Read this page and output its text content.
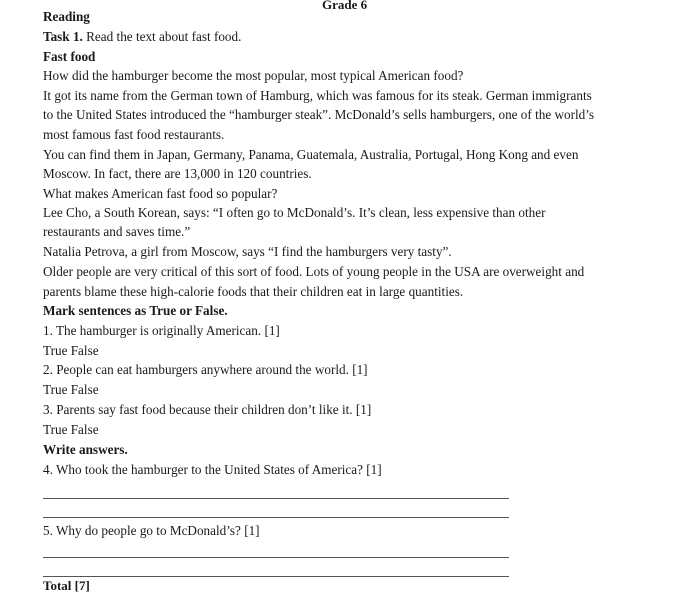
Grade 6
Reading
Task 1. Read the text about fast food.
Fast food
How did the hamburger become the most popular, most typical American food?
It got its name from the German town of Hamburg, which was famous for its steak. German immigrants
to the United States introduced the “hamburger steak”. McDonald’s sells hamburgers, one of the world’s
most famous fast food restaurants.
You can find them in Japan, Germany, Panama, Guatemala, Australia, Portugal, Hong Kong and even
Moscow. In fact, there are 13,000 in 120 countries.
What makes American fast food so popular?
Lee Cho, a South Korean, says: “I often go to McDonald’s. It’s clean, less expensive than other
restaurants and saves time.”
Natalia Petrova, a girl from Moscow, says “I find the hamburgers very tasty”.
Older people are very critical of this sort of food. Lots of young people in the USA are overweight and
parents blame these high-calorie foods that their children eat in large quantities.
Mark sentences as True or False.
1. The hamburger is originally American. [1]
True False
2. People can eat hamburgers anywhere around the world. [1]
True False
3. Parents say fast food because their children don’t like it. [1]
True False
Write answers.
4. Who took the hamburger to the United States of America? [1]
5. Why do people go to McDonald’s? [1]
Total [7]
